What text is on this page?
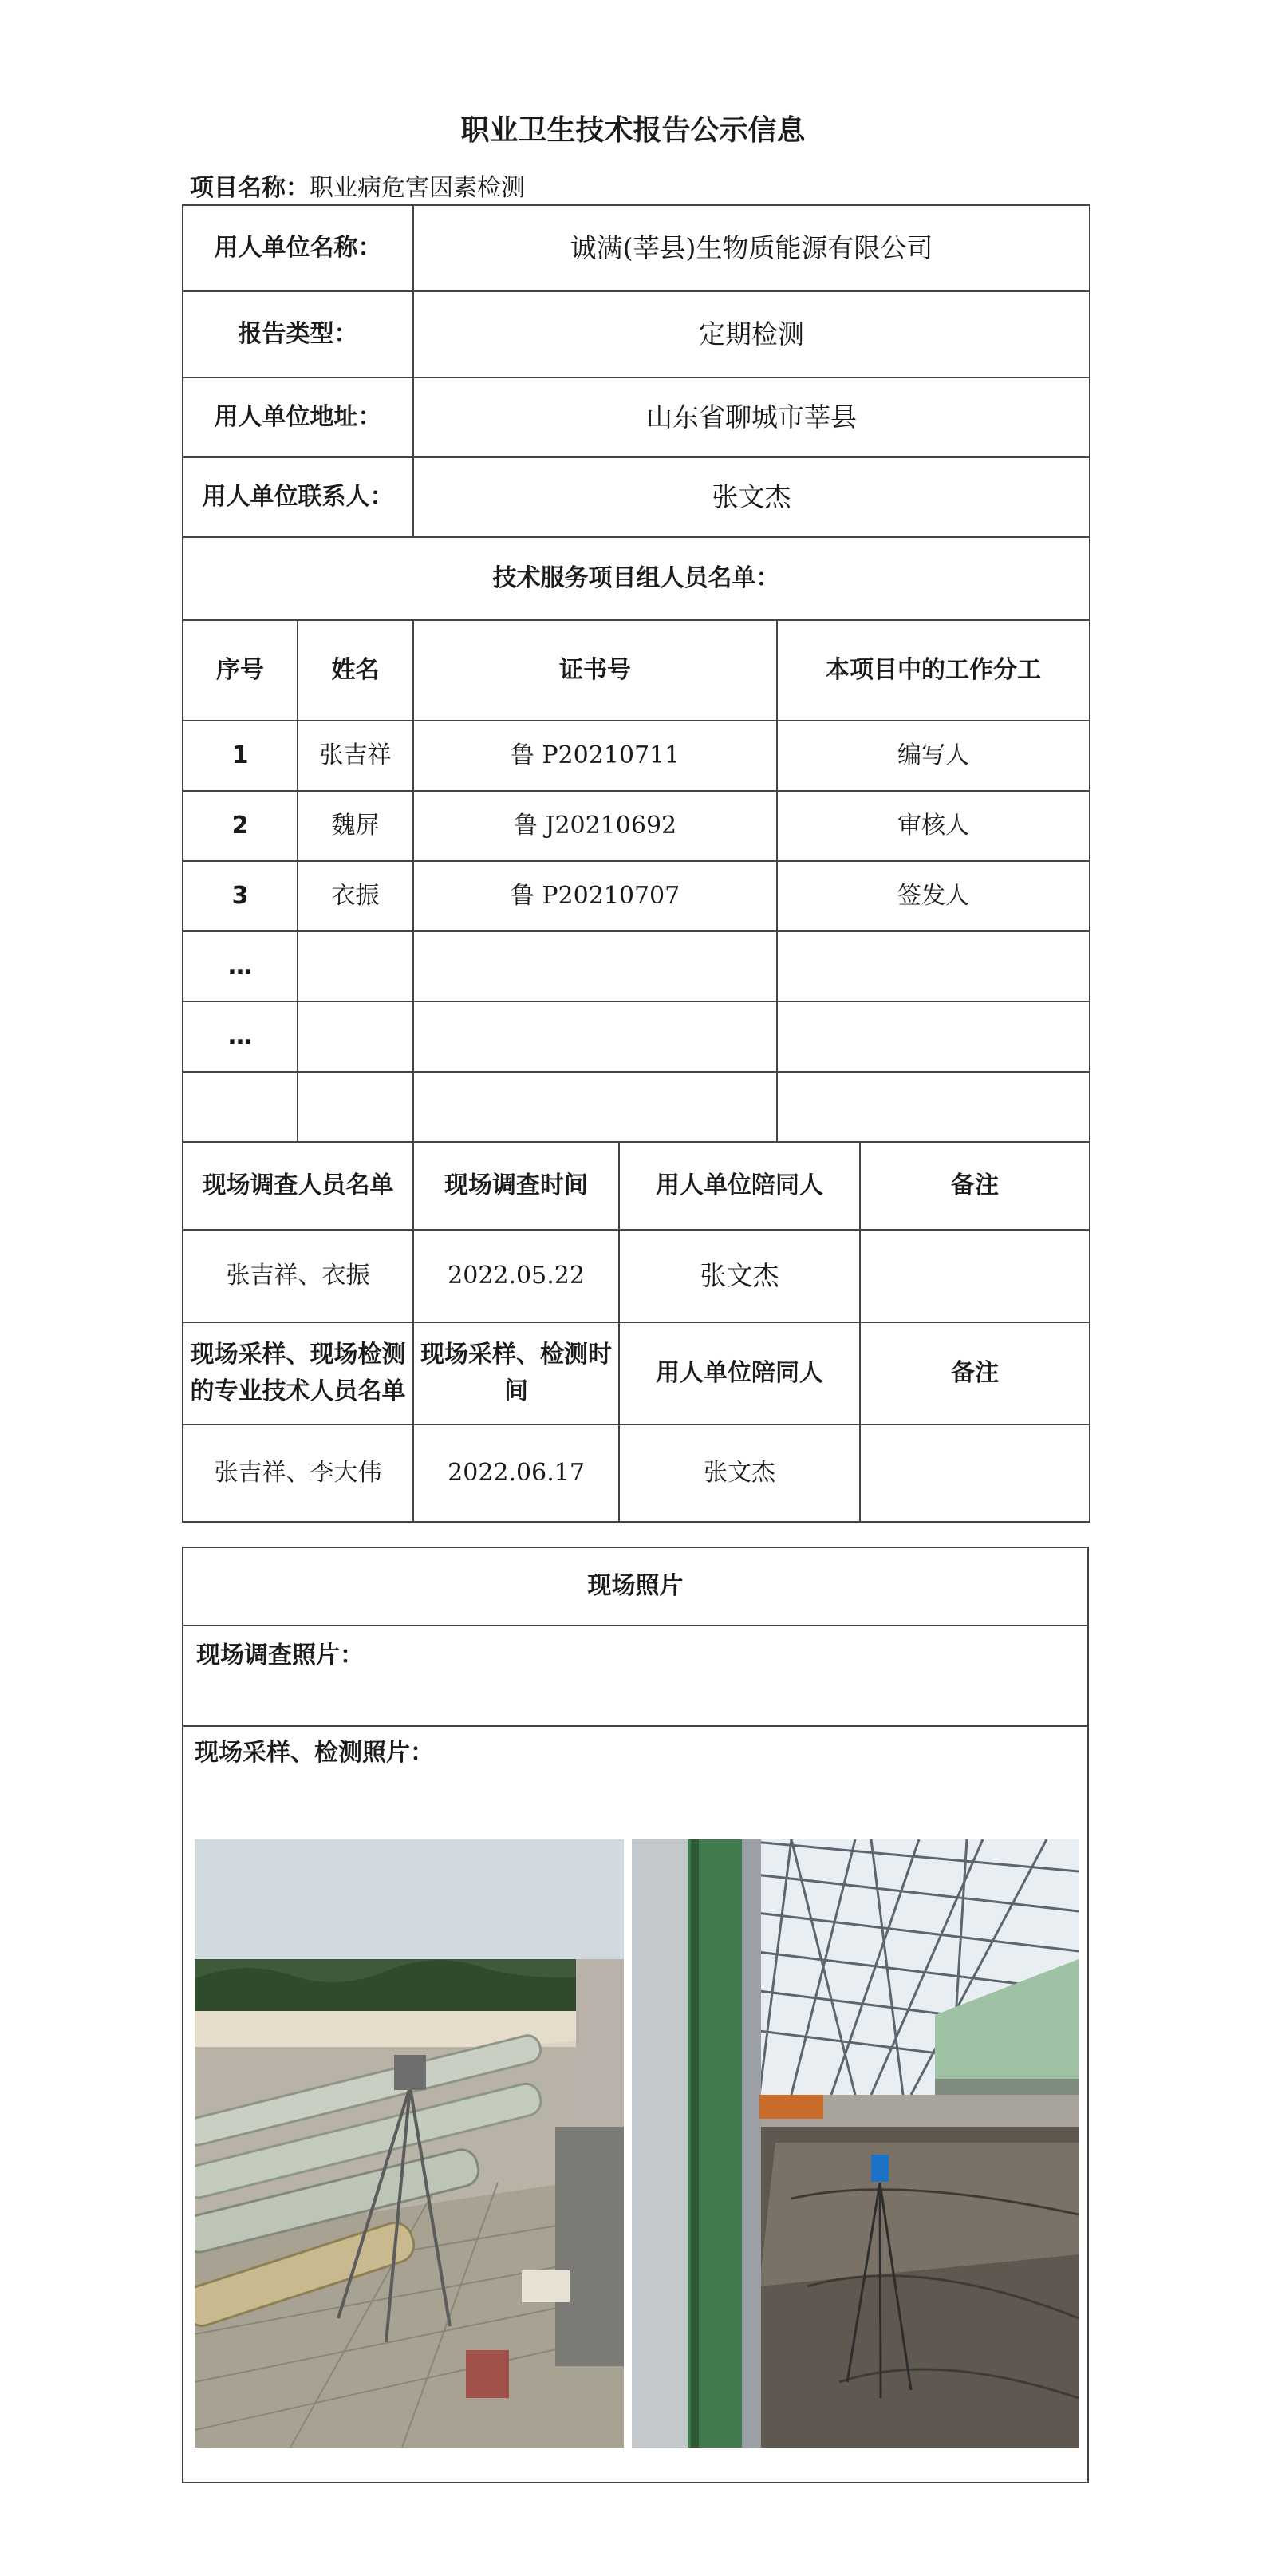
职业卫生技术报告公示信息
项目名称：职业病危害因素检测
用人单位名称：		诚满(莘县)生物质能源有限公司			
报告类型：		定期检测			
用人单位地址：		山东省聊城市莘县			
用人单位联系人：		张文杰			
技术服务项目组人员名单：					
序号	姓名	证书号		本项目中的工作分工	
1	张吉祥	鲁 P20210711		编写人	
2	魏屏	鲁 J20210692		审核人	
3	衣振	鲁 P20210707		签发人	
…					
…					

现场调查人员名单		现场调查时间	用人单位陪同人		备注
张吉祥、衣振		2022.05.22	张文杰		
现场采样、现场检测的专业技术人员名单		现场采样、检测时间	用人单位陪同人		备注
张吉祥、李大伟		2022.06.17	张文杰		
现场照片
现场调查照片：

现场采样、检测照片：
